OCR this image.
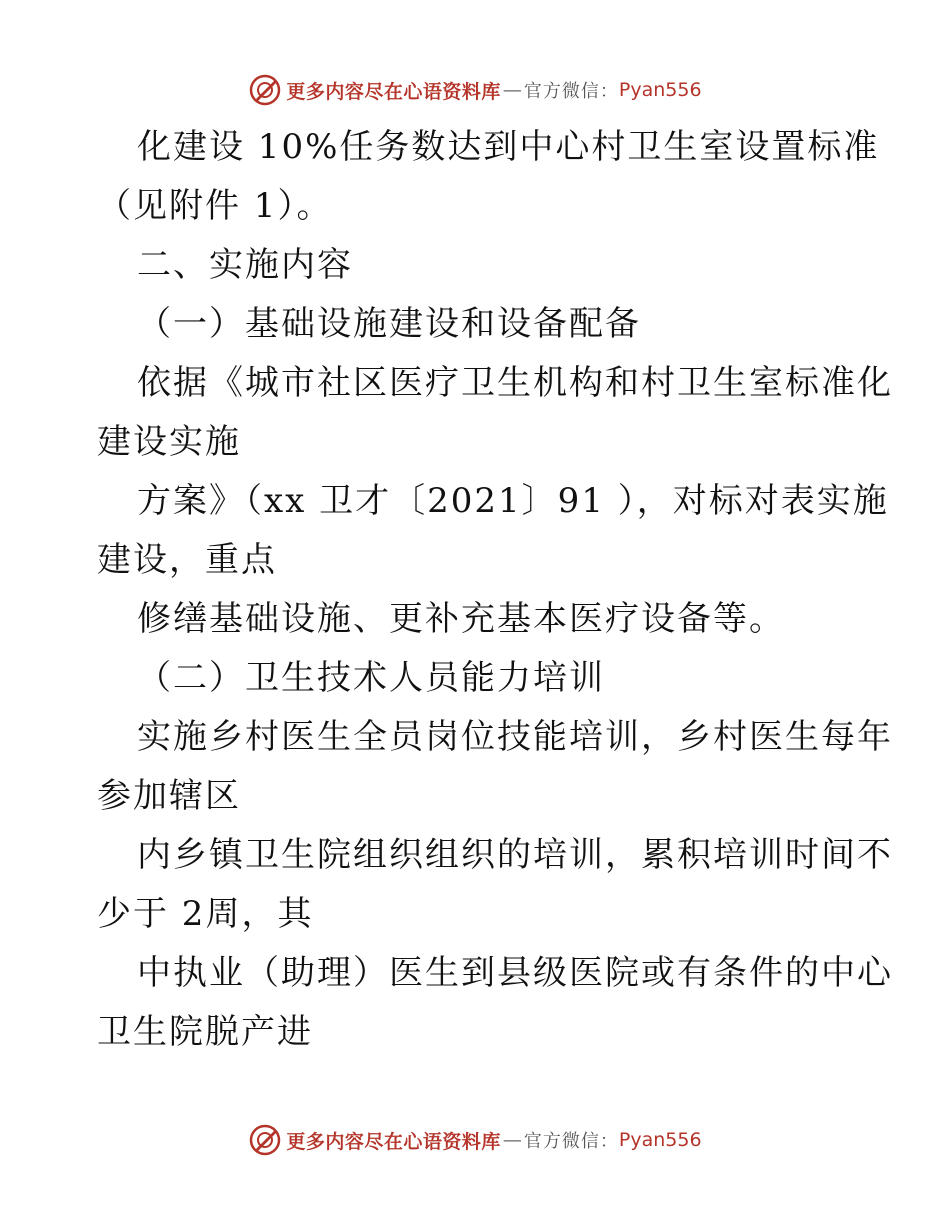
更多内容尽在心语资料库 — 官方微信： Pyan556
化建设 10%任务数达到中心村卫生室设置标准
（见附件 1）。
二、实施内容
（一）基础设施建设和设备配备
依据《城市社区医疗卫生机构和村卫生室标准化
建设实施
方案》（xx 卫才〔2021〕91 ），对标对表实施
建设，重点
修缮基础设施、更补充基本医疗设备等。
（二）卫生技术人员能力培训
实施乡村医生全员岗位技能培训，乡村医生每年
参加辖区
内乡镇卫生院组织组织的培训，累积培训时间不
少于 2周，其
中执业（助理）医生到县级医院或有条件的中心
卫生院脱产进
更多内容尽在心语资料库 — 官方微信： Pyan556
